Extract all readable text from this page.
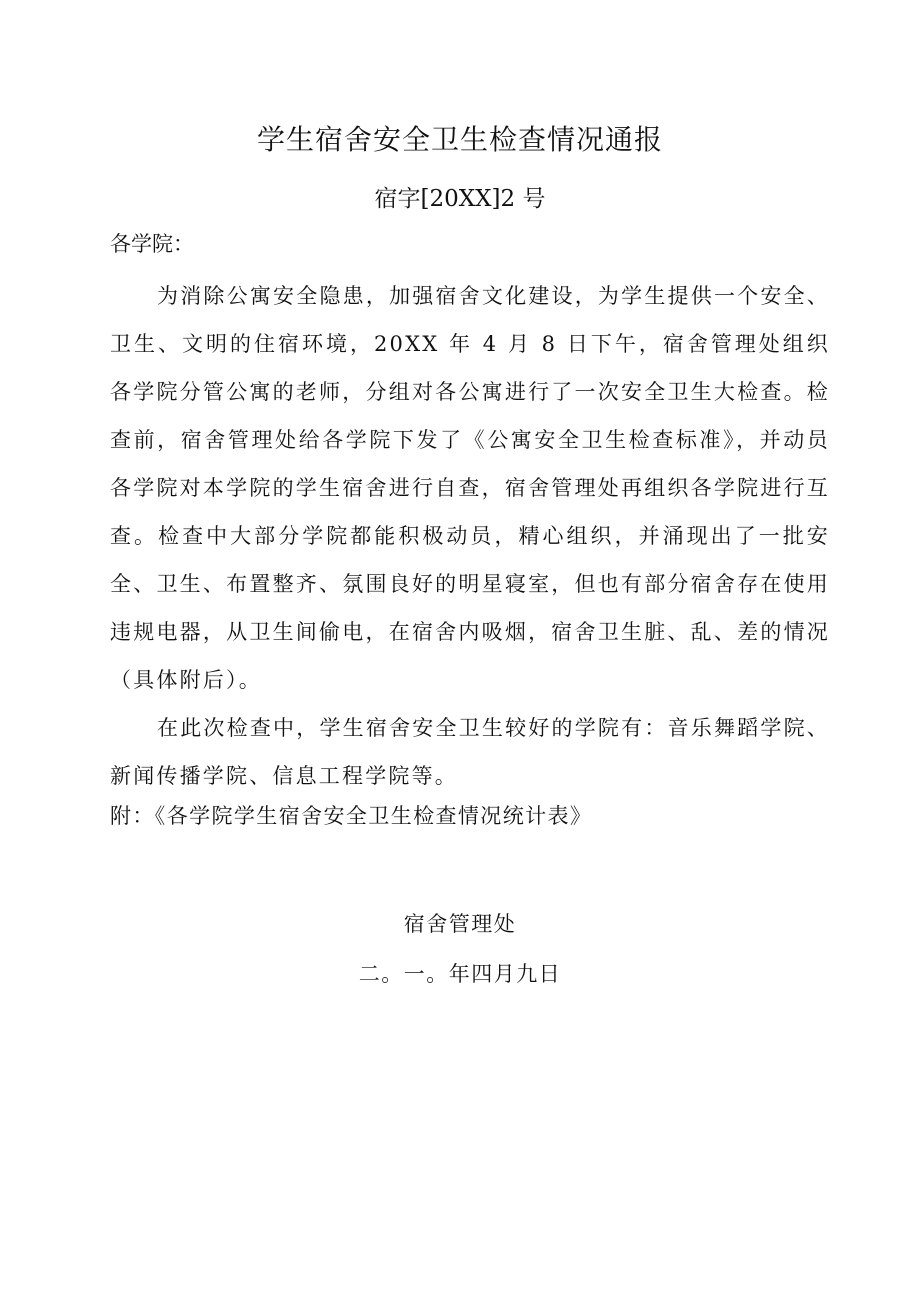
学生宿舍安全卫生检查情况通报
宿字[20XX]2 号
各学院：

为消除公寓安全隐患，加强宿舍文化建设，为学生提供一个安全、卫生、文明的住宿环境，20XX 年 4 月 8 日下午，宿舍管理处组织各学院分管公寓的老师，分组对各公寓进行了一次安全卫生大检查。检查前，宿舍管理处给各学院下发了《公寓安全卫生检查标准》，并动员各学院对本学院的学生宿舍进行自查，宿舍管理处再组织各学院进行互查。检查中大部分学院都能积极动员，精心组织，并涌现出了一批安全、卫生、布置整齐、氛围良好的明星寝室，但也有部分宿舍存在使用违规电器，从卫生间偷电，在宿舍内吸烟，宿舍卫生脏、乱、差的情况（具体附后）。

在此次检查中，学生宿舍安全卫生较好的学院有：音乐舞蹈学院、新闻传播学院、信息工程学院等。

附：《各学院学生宿舍安全卫生检查情况统计表》
宿舍管理处
二。一。年四月九日
